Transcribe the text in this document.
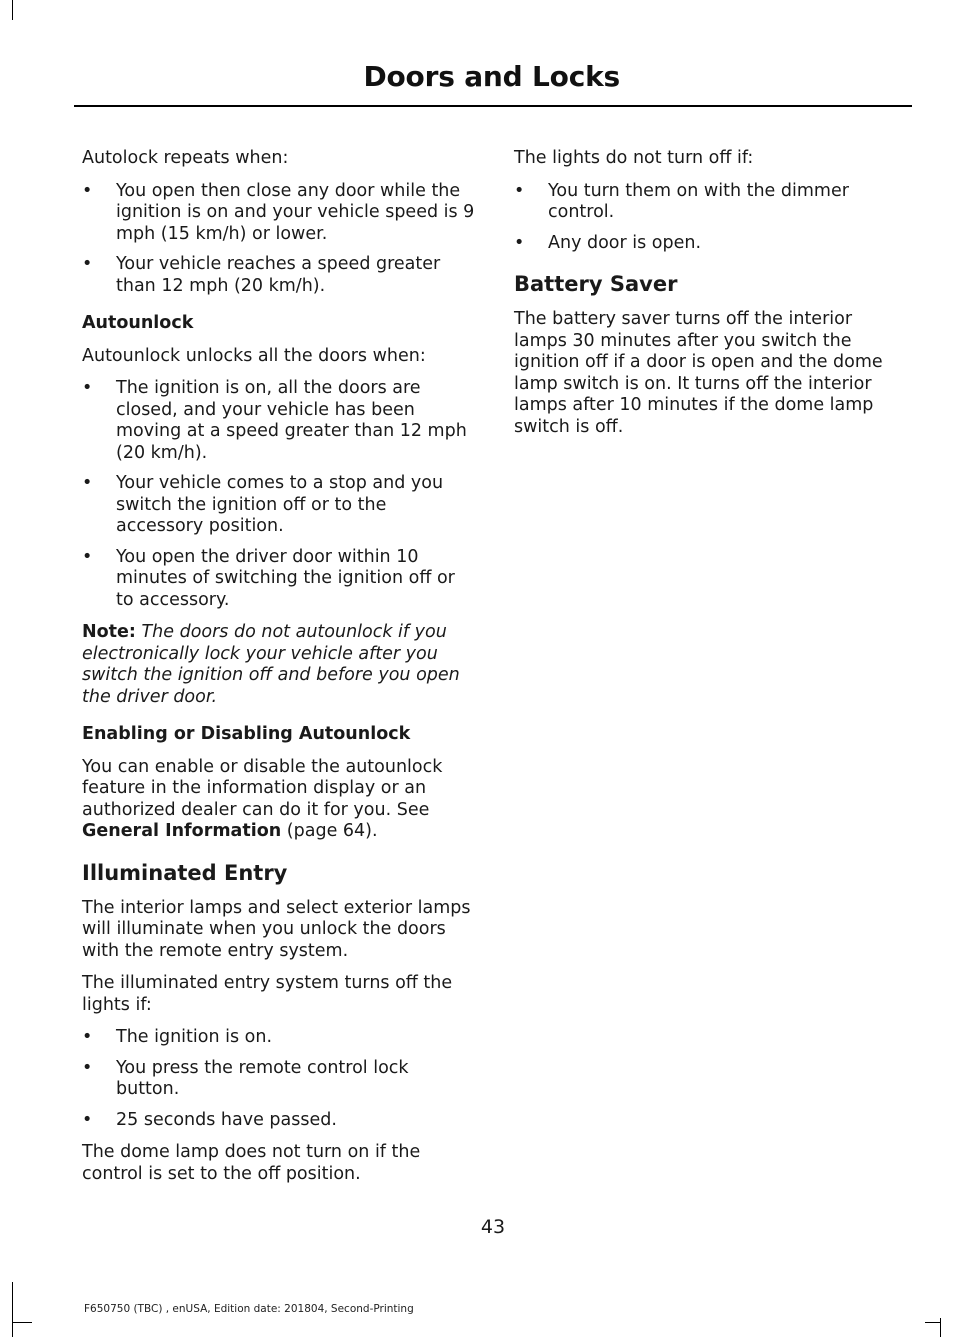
Doors and Locks

Autolock repeats when:

• You open then close any door while the ignition is on and your vehicle speed is 9 mph (15 km/h) or lower.
• Your vehicle reaches a speed greater than 12 mph (20 km/h).
Autounlock

Autounlock unlocks all the doors when:

• The ignition is on, all the doors are closed, and your vehicle has been moving at a speed greater than 12 mph (20 km/h).
• Your vehicle comes to a stop and you switch the ignition off or to the accessory position.
• You open the driver door within 10 minutes of switching the ignition off or to accessory.

Note: The doors do not autounlock if you electronically lock your vehicle after you switch the ignition off and before you open the driver door.

Enabling or Disabling Autounlock

You can enable or disable the autounlock feature in the information display or an authorized dealer can do it for you. See General Information (page 64).

Illuminated Entry

The interior lamps and select exterior lamps will illuminate when you unlock the doors with the remote entry system.

The illuminated entry system turns off the lights if:

• The ignition is on.
• You press the remote control lock button.
• 25 seconds have passed.

The dome lamp does not turn on if the control is set to the off position.

The lights do not turn off if:

• You turn them on with the dimmer control.
• Any door is open.
Battery Saver

The battery saver turns off the interior lamps 30 minutes after you switch the ignition off if a door is open and the dome lamp switch is on. It turns off the interior lamps after 10 minutes if the dome lamp switch is off.

43
F650750 (TBC) , enUSA, Edition date: 201804, Second-Printing
